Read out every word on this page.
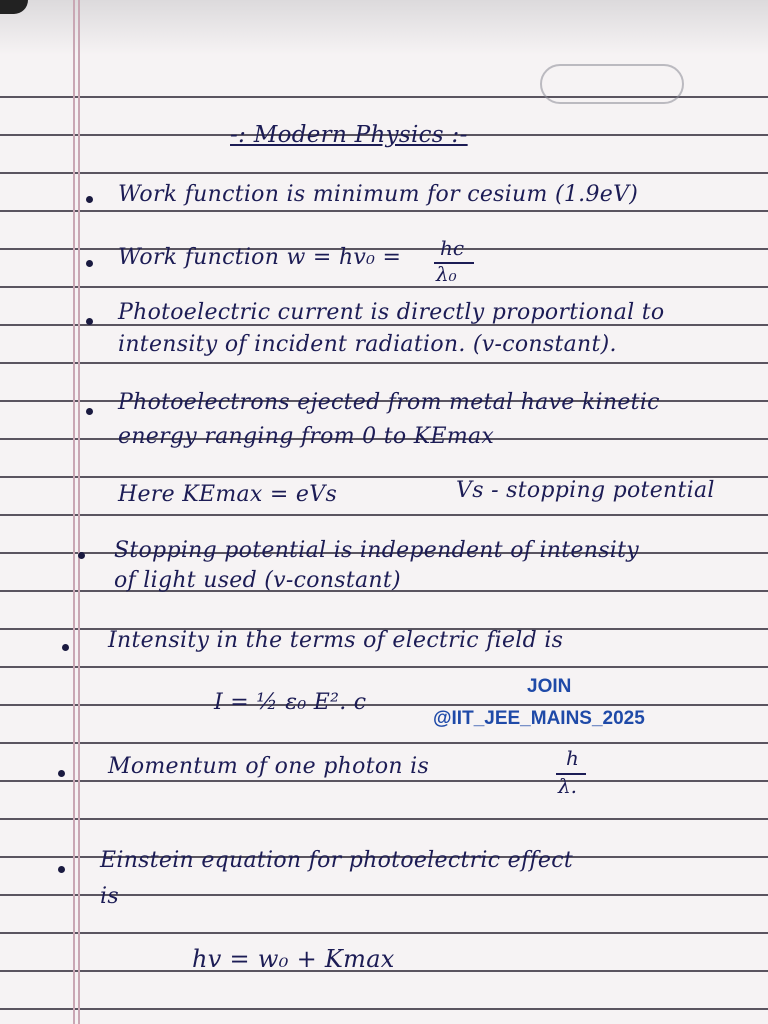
-: Modern Physics :-
Work function is minimum for cesium (1.9eV)
Work function w = hv₀ = hc
λ₀
Photoelectric current is directly proportional to
intensity of incident radiation. (v-constant).
Photoelectrons ejected from metal have kinetic
energy ranging from 0 to KEmax
Here KEmax = eVs	Vs - stopping potential
Stopping potential is independent of intensity
of light used (v-constant)
Intensity in the terms of electric field is
I = ½ ε₀ E². c
JOIN
@IIT_JEE_MAINS_2025
Momentum of one photon is	h
λ.
Einstein equation for photoelectric effect
is
hv = w₀ + Kmax
